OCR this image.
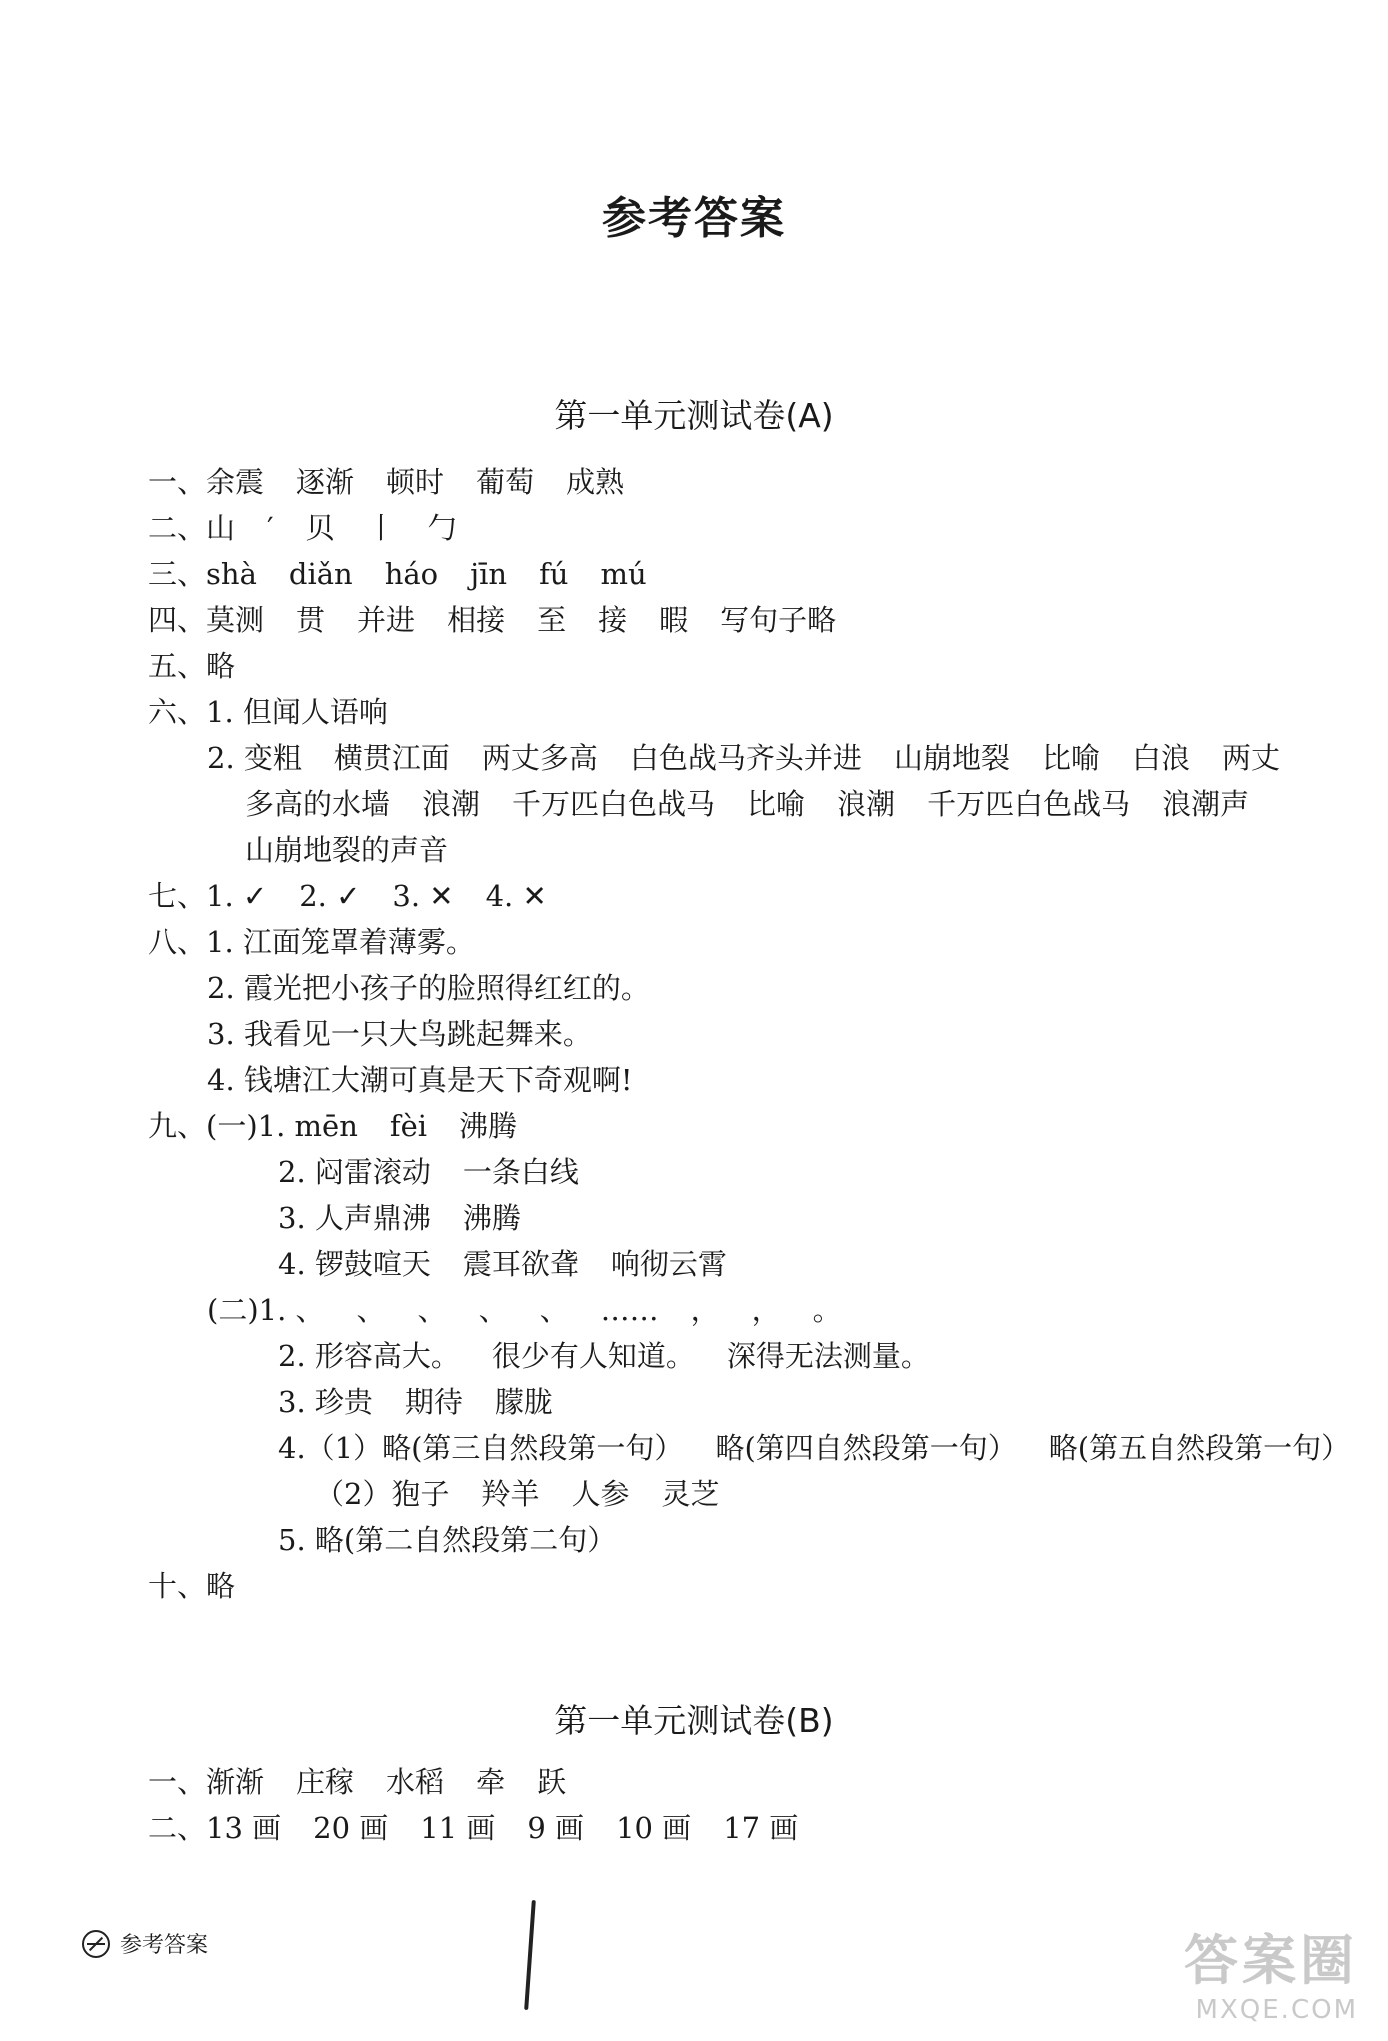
参考答案
第一单元测试卷(A)
一、余震 逐渐 顿时 葡萄 成熟
二、山 ′ 贝 丨 勹
三、shà diǎn háo jīn fú mú
四、莫测 贯 并进 相接 至 接 暇 写句子略
五、略
六、1. 但闻人语响
2. 变粗 横贯江面 两丈多高 白色战马齐头并进 山崩地裂 比喻 白浪 两丈
多高的水墙 浪潮 千万匹白色战马 比喻 浪潮 千万匹白色战马 浪潮声
山崩地裂的声音
七、1. ✓ 2. ✓ 3. ✕ 4. ✕
八、1. 江面笼罩着薄雾。
2. 霞光把小孩子的脸照得红红的。
3. 我看见一只大鸟跳起舞来。
4. 钱塘江大潮可真是天下奇观啊!
九、(一)1. mēn fèi 沸腾
2. 闷雷滚动 一条白线
3. 人声鼎沸 沸腾
4. 锣鼓喧天 震耳欲聋 响彻云霄
(二)1. 、 、 、 、 、 …… ， ， 。
2. 形容高大。 很少有人知道。 深得无法测量。
3. 珍贵 期待 朦胧
4.（1）略(第三自然段第一句） 略(第四自然段第一句） 略(第五自然段第一句）
（2）狍子 羚羊 人参 灵芝
5. 略(第二自然段第二句）
十、略
第一单元测试卷(B)
一、渐渐 庄稼 水稻 牵 跃
二、13 画 20 画 11 画 9 画 10 画 17 画
参考答案	答案圈
MXQE.COM
